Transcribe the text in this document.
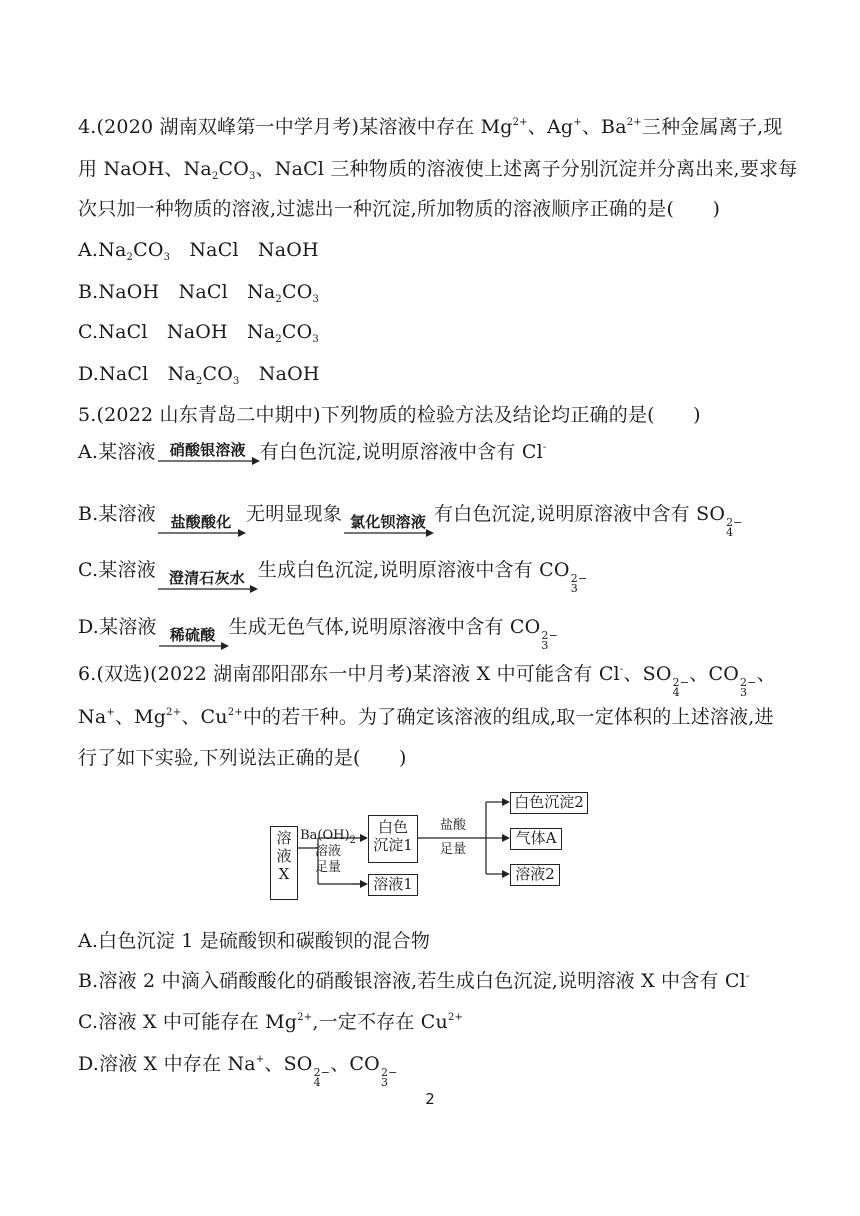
4.(2020 湖南双峰第一中学月考)某溶液中存在 $Mg^{2+}$、Ag+、$Ba^{2+}$三种金属离子,现
用 NaOH、$Na_2CO_3$、NaCl 三种物质的溶液使上述离子分别沉淀并分离出来,要求每
次只加一种物质的溶液,过滤出一种沉淀,所加物质的溶液顺序正确的是(　　)
$A.Na_2CO_3$　NaCl　NaOH
B.NaOH　NaCl　$Na_2CO_3$
C.NaCl　NaOH　$Na_2CO_3$
D.NaCl　$Na_2CO_3$　NaOH
5.(2022 山东青岛二中期中)下列物质的检验方法及结论均正确的是(　　)
A.某溶液 硝酸银溶液 有白色沉淀,说明原溶液中含有 Cl-
B.某溶液 盐酸酸化 无明显现象 氯化钡溶液 有白色沉淀,说明原溶液中含有 SO 2−
4
C.某溶液 澄清石灰水 生成白色沉淀,说明原溶液中含有 CO 2−
3
D.某溶液 稀硫酸 生成无色气体,说明原溶液中含有 CO 2−
3
6.(双选)(2022 湖南邵阳邵东一中月考)某溶液 X 中可能含有 Cl-、SO 2−
4
、CO 2−
3
、
Na+、$Mg^{2+}$、$Cu^{2+}$中的若干种。为了确定该溶液的组成,取一定体积的上述溶液,进
行了如下实验,下列说法正确的是(　　)
溶
液
X
$Ba(OH)_2$
溶液
足量
白色
沉淀1
溶液1
盐酸
足量
白色沉淀2
气体A
溶液2
A.白色沉淀 1 是硫酸钡和碳酸钡的混合物
B.溶液 2 中滴入硝酸酸化的硝酸银溶液,若生成白色沉淀,说明溶液 X 中含有 Cl-
C.溶液 X 中可能存在 $Mg^{2+}$,一定不存在 $Cu^{2+}$
D.溶液 X 中存在 Na+、SO 2−
4
、CO 2−
3
2
